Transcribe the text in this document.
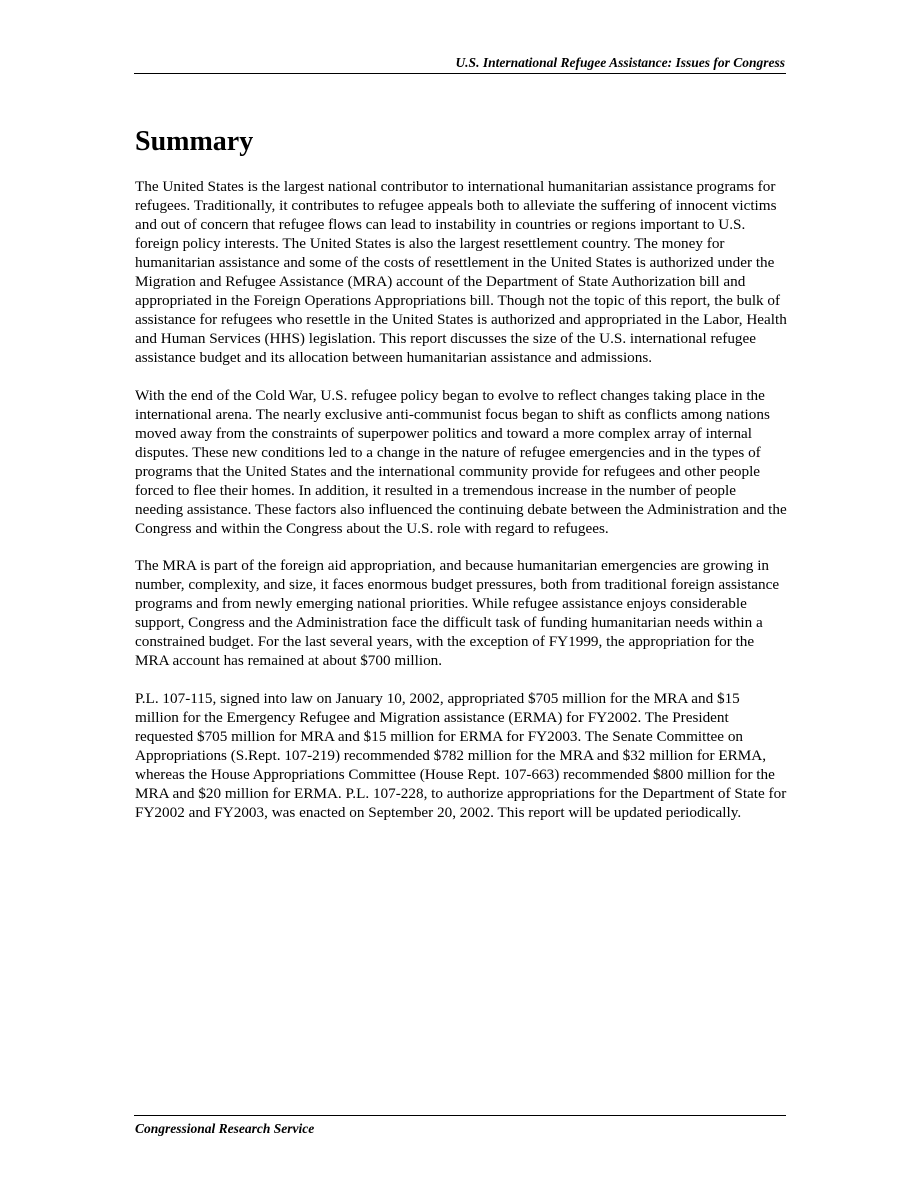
U.S. International Refugee Assistance: Issues for Congress
Summary

The United States is the largest national contributor to international humanitarian assistance programs for refugees. Traditionally, it contributes to refugee appeals both to alleviate the suffering of innocent victims and out of concern that refugee flows can lead to instability in countries or regions important to U.S. foreign policy interests. The United States is also the largest resettlement country. The money for humanitarian assistance and some of the costs of resettlement in the United States is authorized under the Migration and Refugee Assistance (MRA) account of the Department of State Authorization bill and appropriated in the Foreign Operations Appropriations bill. Though not the topic of this report, the bulk of assistance for refugees who resettle in the United States is authorized and appropriated in the Labor, Health and Human Services (HHS) legislation. This report discusses the size of the U.S. international refugee assistance budget and its allocation between humanitarian assistance and admissions.

With the end of the Cold War, U.S. refugee policy began to evolve to reflect changes taking place in the international arena. The nearly exclusive anti-communist focus began to shift as conflicts among nations moved away from the constraints of superpower politics and toward a more complex array of internal disputes. These new conditions led to a change in the nature of refugee emergencies and in the types of programs that the United States and the international community provide for refugees and other people forced to flee their homes. In addition, it resulted in a tremendous increase in the number of people needing assistance. These factors also influenced the continuing debate between the Administration and the Congress and within the Congress about the U.S. role with regard to refugees.

The MRA is part of the foreign aid appropriation, and because humanitarian emergencies are growing in number, complexity, and size, it faces enormous budget pressures, both from traditional foreign assistance programs and from newly emerging national priorities. While refugee assistance enjoys considerable support, Congress and the Administration face the difficult task of funding humanitarian needs within a constrained budget. For the last several years, with the exception of FY1999, the appropriation for the MRA account has remained at about $700 million.

P.L. 107-115, signed into law on January 10, 2002, appropriated $705 million for the MRA and $15 million for the Emergency Refugee and Migration assistance (ERMA) for FY2002. The President requested $705 million for MRA and $15 million for ERMA for FY2003. The Senate Committee on Appropriations (S.Rept. 107-219) recommended $782 million for the MRA and $32 million for ERMA, whereas the House Appropriations Committee (House Rept. 107-663) recommended $800 million for the MRA and $20 million for ERMA. P.L. 107-228, to authorize appropriations for the Department of State for FY2002 and FY2003, was enacted on September 20, 2002. This report will be updated periodically.

Congressional Research Service
